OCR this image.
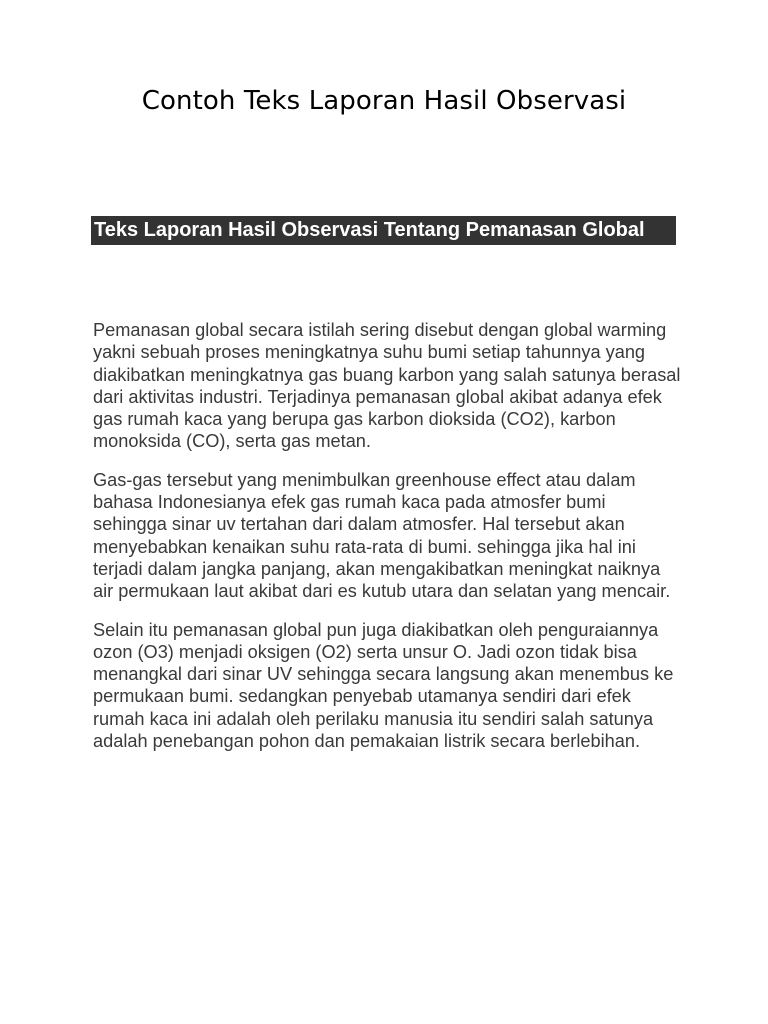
Contoh Teks Laporan Hasil Observasi
Teks Laporan Hasil Observasi Tentang Pemanasan Global

Pemanasan global secara istilah sering disebut dengan global warming yakni sebuah proses meningkatnya suhu bumi setiap tahunnya yang diakibatkan meningkatnya gas buang karbon yang salah satunya berasal dari aktivitas industri. Terjadinya pemanasan global akibat adanya efek gas rumah kaca yang berupa gas karbon dioksida (CO2), karbon monoksida (CO), serta gas metan.

Gas-gas tersebut yang menimbulkan greenhouse effect atau dalam bahasa Indonesianya efek gas rumah kaca pada atmosfer bumi sehingga sinar uv tertahan dari dalam atmosfer. Hal tersebut akan menyebabkan kenaikan suhu rata-rata di bumi. sehingga jika hal ini terjadi dalam jangka panjang, akan mengakibatkan meningkat naiknya air permukaan laut akibat dari es kutub utara dan selatan yang mencair.

Selain itu pemanasan global pun juga diakibatkan oleh penguraiannya ozon (O3) menjadi oksigen (O2) serta unsur O. Jadi ozon tidak bisa menangkal dari sinar UV sehingga secara langsung akan menembus ke permukaan bumi. sedangkan penyebab utamanya sendiri dari efek rumah kaca ini adalah oleh perilaku manusia itu sendiri salah satunya adalah penebangan pohon dan pemakaian listrik secara berlebihan.
